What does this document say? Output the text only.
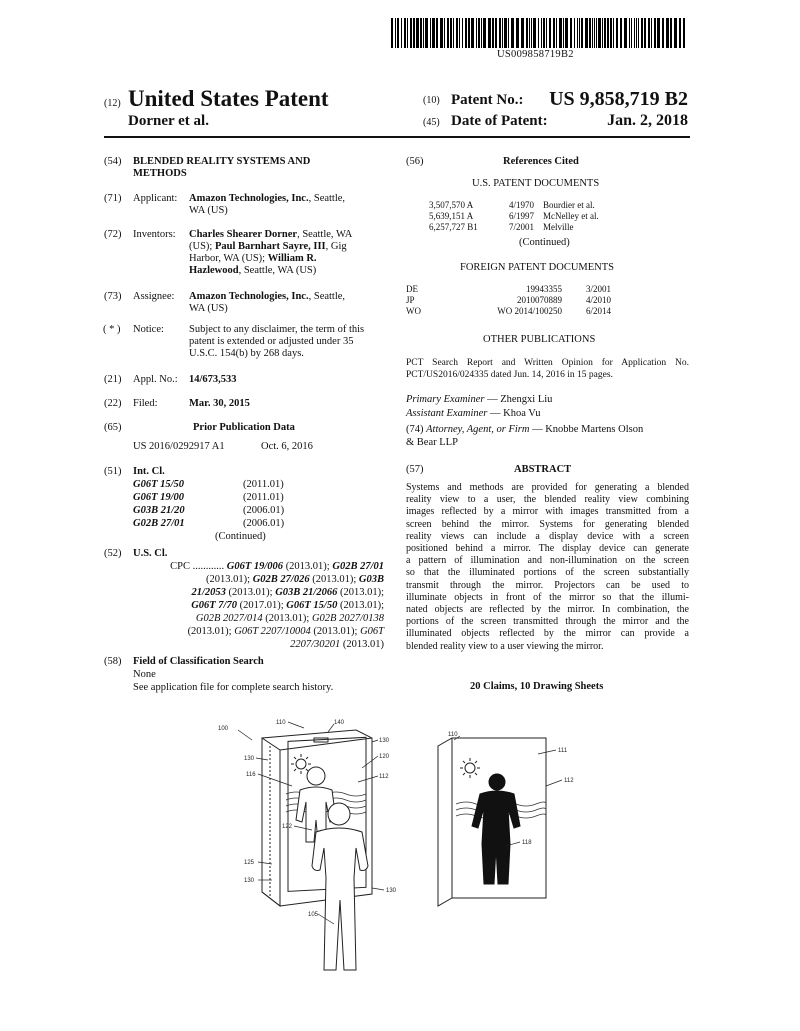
US009858719B2
(12) United States Patent
Dorner et al.
(10) Patent No.: US 9,858,719 B2
(45) Date of Patent:	Jan. 2, 2018
(54) BLENDED REALITY SYSTEMS AND
METHODS
(71) Applicant: Amazon Technologies, Inc., Seattle,
WA (US)
(72) Inventors: Charles Shearer Dorner, Seattle, WA
(US); Paul Barnhart Sayre, III, Gig
Harbor, WA (US); William R.
Hazlewood, Seattle, WA (US)
(73) Assignee: Amazon Technologies, Inc., Seattle,
WA (US)
( * ) Notice: Subject to any disclaimer, the term of this
patent is extended or adjusted under 35
U.S.C. 154(b) by 268 days.
(21) Appl. No.: 14/673,533
(22) Filed:	Mar. 30, 2015
(65)	Prior Publication Data
US 2016/0292917 A1	Oct. 6, 2016
(51) Int. Cl.
G06T 15/50	(2011.01)
G06T 19/00	(2011.01)
G03B 21/20	(2006.01)
G02B 27/01	(2006.01)
(Continued)
(52) U.S. Cl.
CPC ............ G06T 19/006 (2013.01); G02B 27/01
(2013.01); G02B 27/026 (2013.01); G03B
21/2053 (2013.01); G03B 21/2066 (2013.01);
G06T 7/70 (2017.01); G06T 15/50 (2013.01);
G02B 2027/014 (2013.01); G02B 2027/0138
(2013.01); G06T 2207/10004 (2013.01); G06T
2207/30201 (2013.01)
(58) Field of Classification Search
None
See application file for complete search history.
(56)	References Cited
U.S. PATENT DOCUMENTS
3,507,570 A	4/1970 Bourdier et al.
5,639,151 A	6/1997 McNelley et al.
6,257,727 B1	7/2001 Melville
(Continued)
FOREIGN PATENT DOCUMENTS
DE	19943355	3/2001
JP	2010070889	4/2010
WO	WO 2014/100250	6/2014
OTHER PUBLICATIONS
PCT Search Report and Written Opinion for Application No.
PCT/US2016/024335 dated Jun. 14, 2016 in 15 pages.
Primary Examiner — Zhengxi Liu
Assistant Examiner — Khoa Vu
(74) Attorney, Agent, or Firm — Knobbe Martens Olson
& Bear LLP
(57)	ABSTRACT
Systems and methods are provided for generating a blended
reality view to a user, the blended reality view combining
images reflected by a mirror with images transmitted from a
screen behind the mirror. Systems for generating blended
reality views can include a display device with a screen
positioned behind a mirror. The display device can generate
a pattern of illumination and non-illumination on the screen
so that the illuminated portions of the screen substantially
transmit through the mirror. Projectors can be used to
illuminate objects in front of the mirror so that the illumi-
nated objects are reflected by the mirror. In combination, the
portions of the screen transmitted through the mirror and the
illuminated objects reflected by the mirror can provide a
blended reality view to a user viewing the mirror.
20 Claims, 10 Drawing Sheets
100
110	140
130
120
130
112
116
122
125
130
130
105
110
111
112
118
